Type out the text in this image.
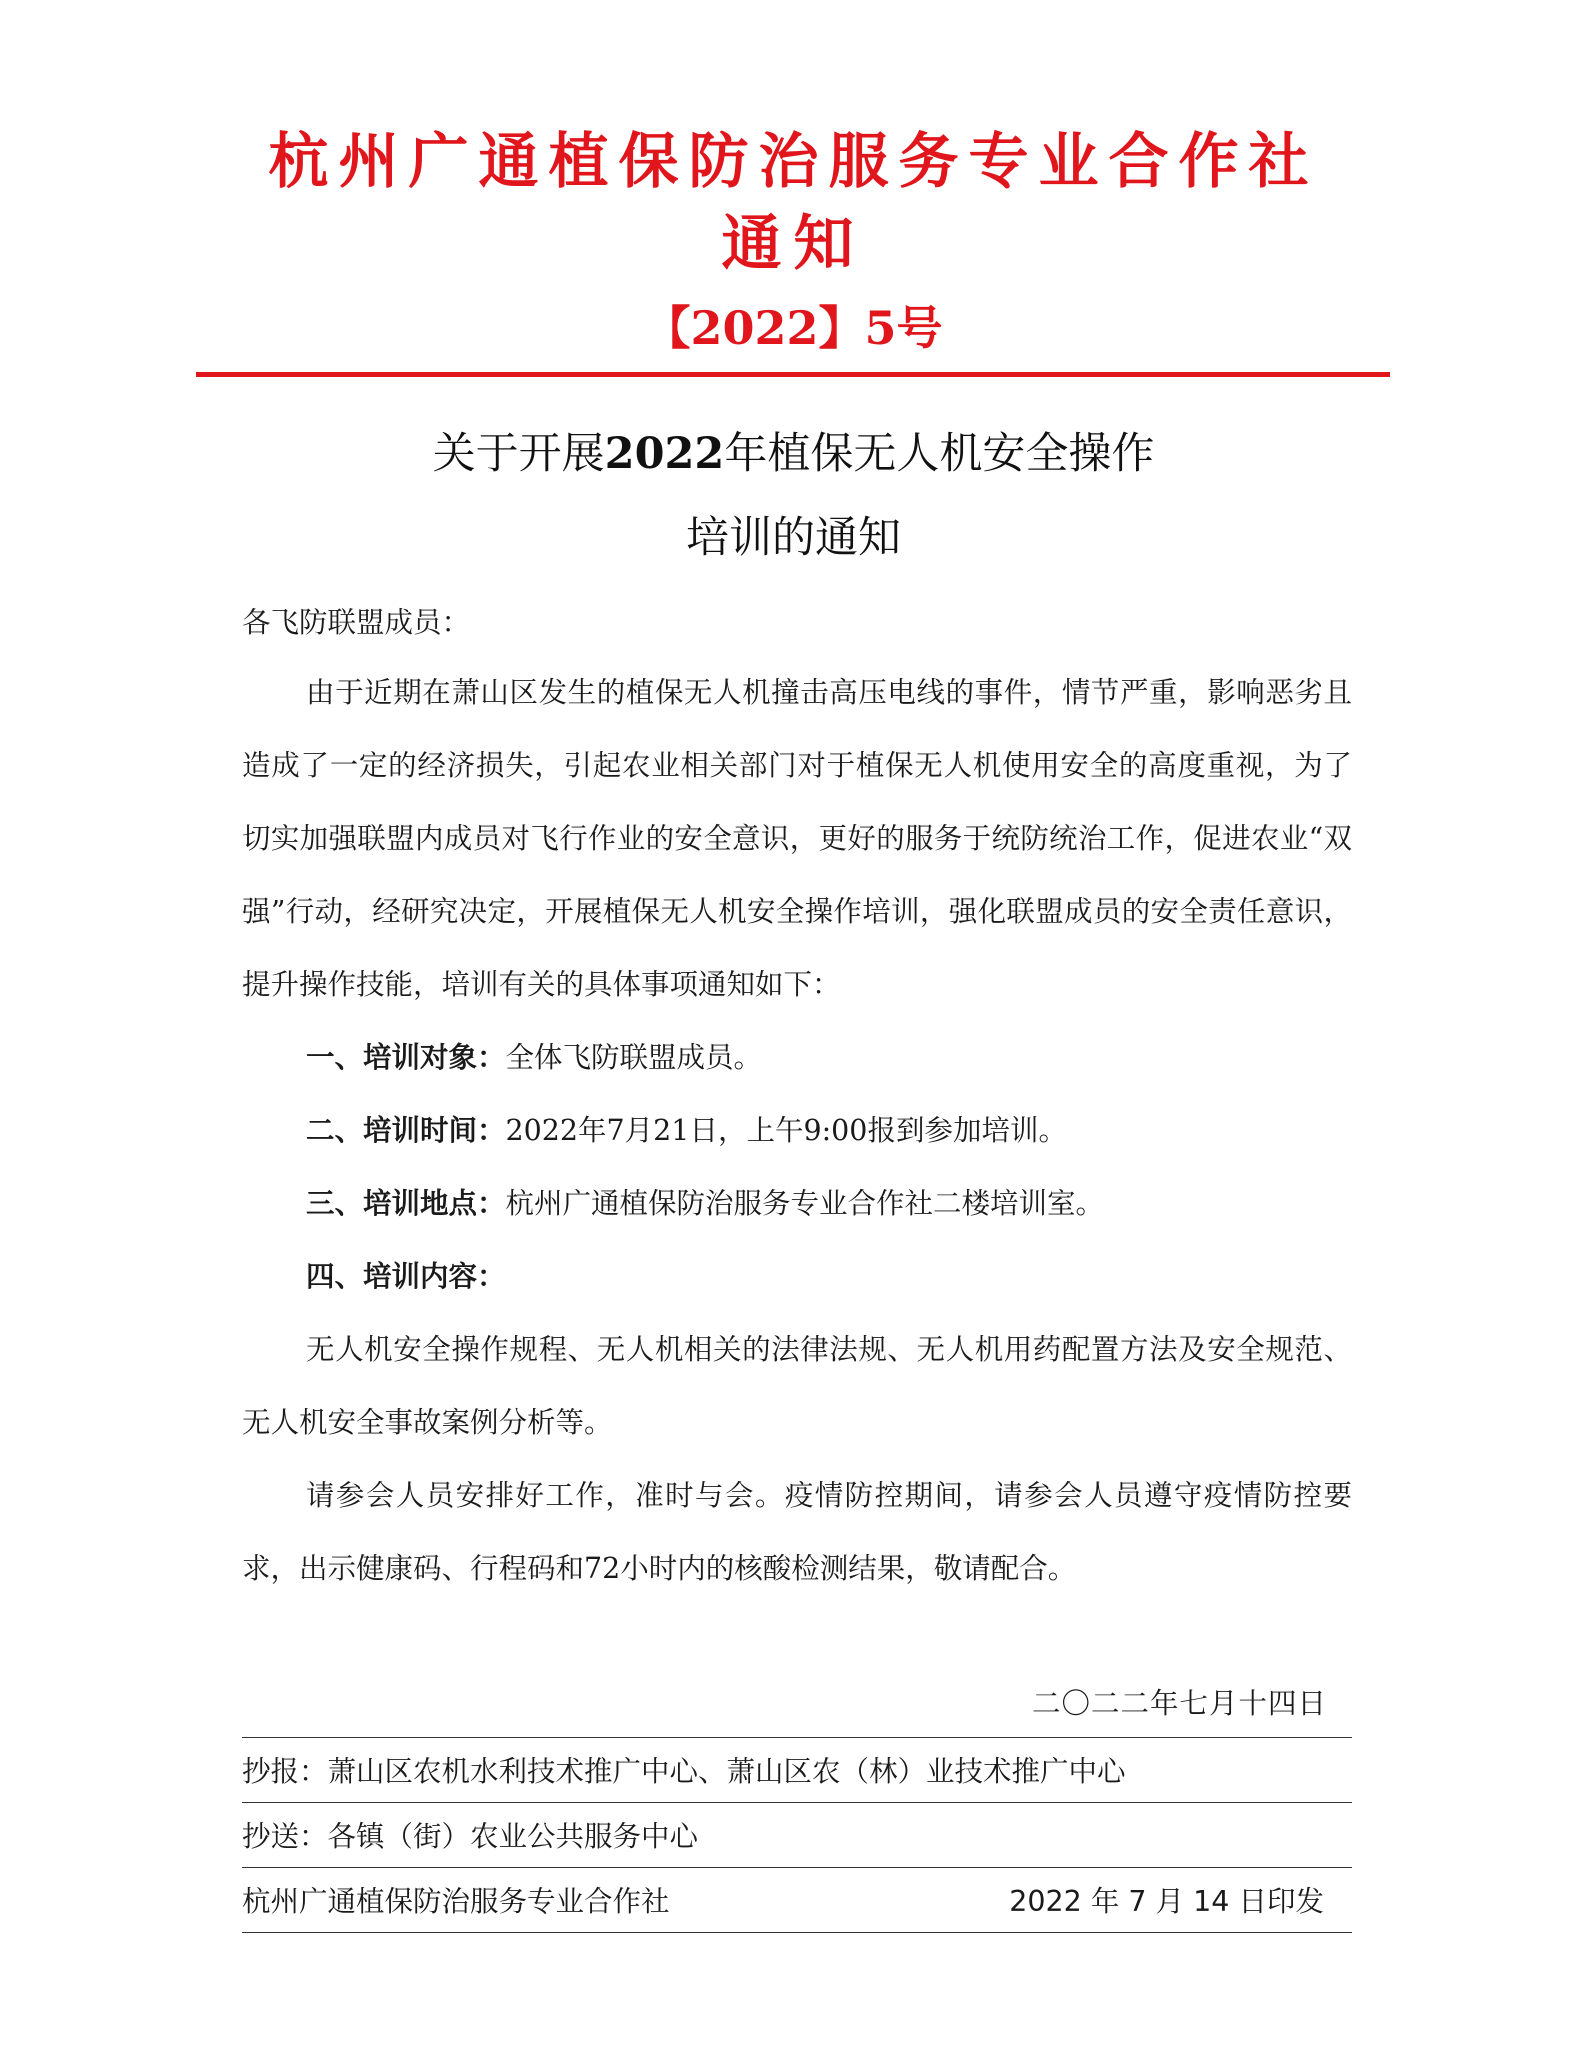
杭州广通植保防治服务专业合作社
通知
【2022】5号
关于开展2022年植保无人机安全操作
培训的通知
各飞防联盟成员：
由于近期在萧山区发生的植保无人机撞击高压电线的事件，情节严重，影响恶劣且造成了一定的经济损失，引起农业相关部门对于植保无人机使用安全的高度重视，为了切实加强联盟内成员对飞行作业的安全意识，更好的服务于统防统治工作，促进农业“双强”行动，经研究决定，开展植保无人机安全操作培训，强化联盟成员的安全责任意识，提升操作技能，培训有关的具体事项通知如下：
一、培训对象：全体飞防联盟成员。
二、培训时间：2022年7月21日，上午9:00报到参加培训。
三、培训地点：杭州广通植保防治服务专业合作社二楼培训室。
四、培训内容：
无人机安全操作规程、无人机相关的法律法规、无人机用药配置方法及安全规范、无人机安全事故案例分析等。
请参会人员安排好工作，准时与会。疫情防控期间，请参会人员遵守疫情防控要求，出示健康码、行程码和72小时内的核酸检测结果，敬请配合。
二〇二二年七月十四日
抄报：萧山区农机水利技术推广中心、萧山区农（林）业技术推广中心
抄送：各镇（街）农业公共服务中心
杭州广通植保防治服务专业合作社	2022 年 7 月 14 日印发
